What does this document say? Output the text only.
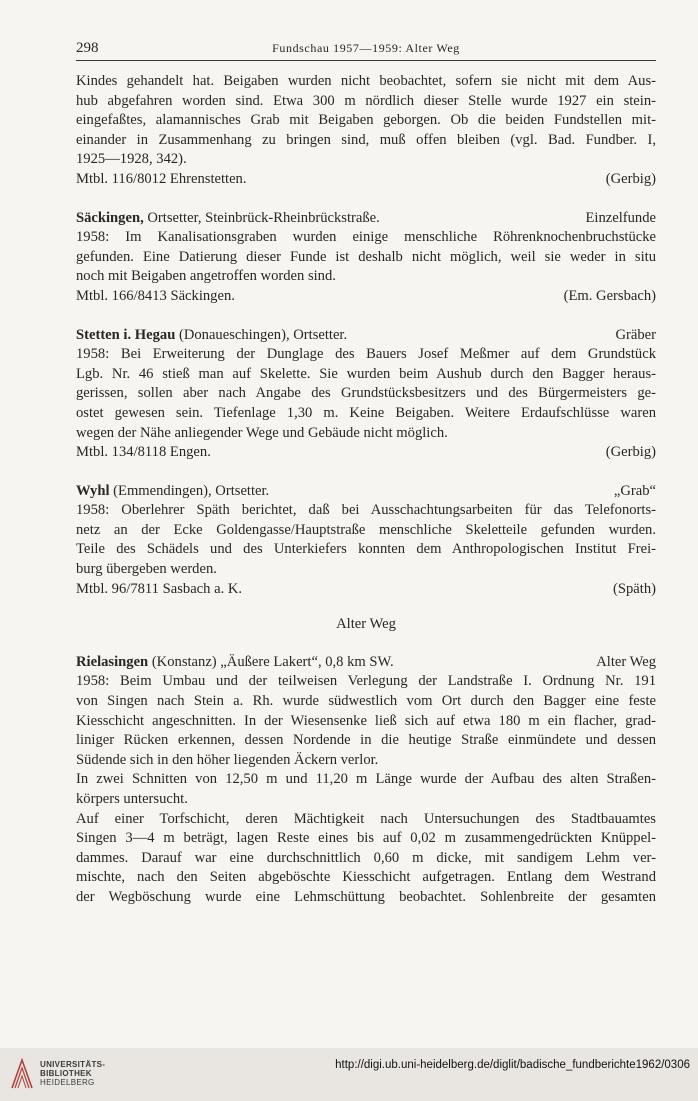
298	Fundschau 1957—1959: Alter Weg

Kindes gehandelt hat. Beigaben wurden nicht beobachtet, sofern sie nicht mit dem Aus-
hub abgefahren worden sind. Etwa 300 m nördlich dieser Stelle wurde 1927 ein stein-
eingefaßtes, alamannisches Grab mit Beigaben geborgen. Ob die beiden Fundstellen mit-
einander in Zusammenhang zu bringen sind, muß offen bleiben (vgl. Bad. Fundber. I,
1925—1928, 342).

Mtbl. 116/8012 Ehrenstetten.	(Gerbig)
Säckingen, Ortsetter, Steinbrück-Rheinbrückstraße.	Einzelfunde

1958: Im Kanalisationsgraben wurden einige menschliche Röhrenknochenbruchstücke
gefunden. Eine Datierung dieser Funde ist deshalb nicht möglich, weil sie weder in situ
noch mit Beigaben angetroffen worden sind.

Mtbl. 166/8413 Säckingen.	(Em. Gersbach)
Stetten i. Hegau (Donaueschingen), Ortsetter.	Gräber

1958: Bei Erweiterung der Dunglage des Bauers Josef Meßmer auf dem Grundstück
Lgb. Nr. 46 stieß man auf Skelette. Sie wurden beim Aushub durch den Bagger heraus-
gerissen, sollen aber nach Angabe des Grundstücksbesitzers und des Bürgermeisters ge-
ostet gewesen sein. Tiefenlage 1,30 m. Keine Beigaben. Weitere Erdaufschlüsse waren
wegen der Nähe anliegender Wege und Gebäude nicht möglich.

Mtbl. 134/8118 Engen.	(Gerbig)
Wyhl (Emmendingen), Ortsetter.	„Grab“

1958: Oberlehrer Späth berichtet, daß bei Ausschachtungsarbeiten für das Telefonorts-
netz an der Ecke Goldengasse/Hauptstraße menschliche Skeletteile gefunden wurden.
Teile des Schädels und des Unterkiefers konnten dem Anthropologischen Institut Frei-
burg übergeben werden.

Mtbl. 96/7811 Sasbach a. K.	(Späth)

Alter Weg

Rielasingen (Konstanz) „Äußere Lakert“, 0,8 km SW.	Alter Weg

1958: Beim Umbau und der teilweisen Verlegung der Landstraße I. Ordnung Nr. 191
von Singen nach Stein a. Rh. wurde südwestlich vom Ort durch den Bagger eine feste
Kiesschicht angeschnitten. In der Wiesensenke ließ sich auf etwa 180 m ein flacher, grad-
liniger Rücken erkennen, dessen Nordende in die heutige Straße einmündete und dessen
Südende sich in den höher liegenden Äckern verlor.

In zwei Schnitten von 12,50 m und 11,20 m Länge wurde der Aufbau des alten Straßen-
körpers untersucht.

Auf einer Torfschicht, deren Mächtigkeit nach Untersuchungen des Stadtbauamtes
Singen 3—4 m beträgt, lagen Reste eines bis auf 0,02 m zusammengedrückten Knüppel-
dammes. Darauf war eine durchschnittlich 0,60 m dicke, mit sandigem Lehm ver-
mischte, nach den Seiten abgeböschte Kiesschicht aufgetragen. Entlang dem Westrand
der Wegböschung wurde eine Lehmschüttung beobachtet. Sohlenbreite der gesamten

UNIVERSITÄTS-
BIBLIOTHEK
HEIDELBERG
http://digi.ub.uni-heidelberg.de/diglit/badische_fundberichte1962/0306
